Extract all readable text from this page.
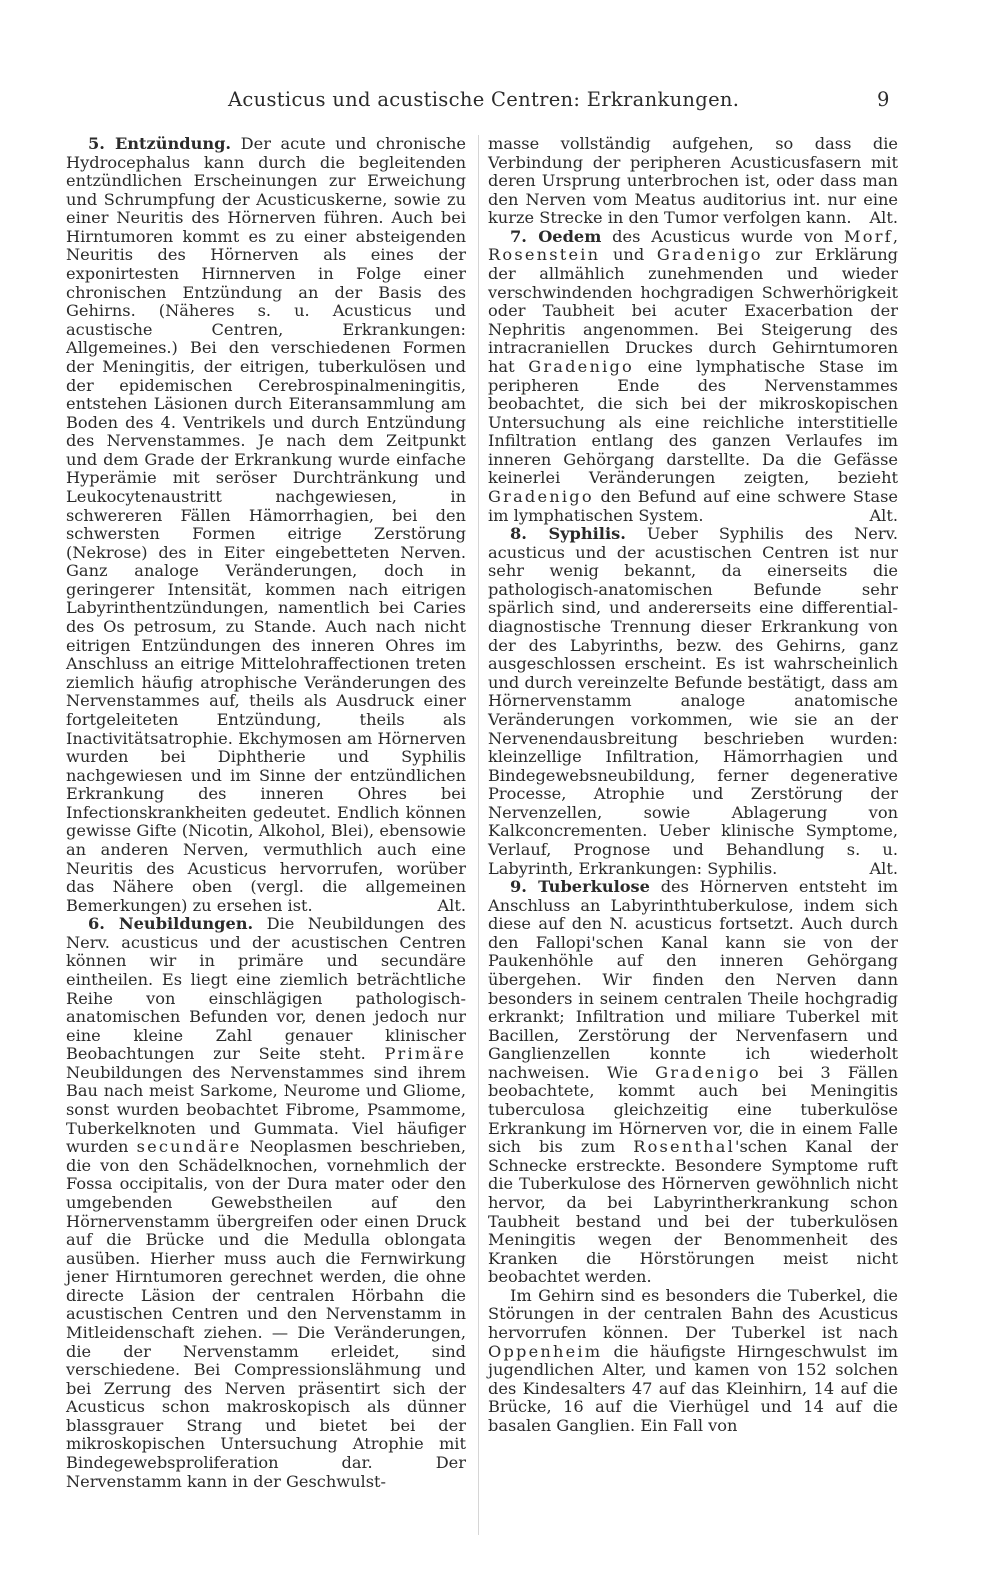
Acusticus und acustische Centren: Erkrankungen.	9

5. Entzündung. Der acute und chronische Hydrocephalus kann durch die begleitenden entzündlichen Erscheinungen zur Erweichung und Schrumpfung der Acusticuskerne, sowie zu einer Neuritis des Hörnerven führen. Auch bei Hirntumoren kommt es zu einer absteigenden Neuritis des Hörnerven als eines der exponirtesten Hirnnerven in Folge einer chronischen Entzündung an der Basis des Gehirns. (Näheres s. u. Acusticus und acustische Centren, Erkrankungen: Allgemeines.) Bei den verschiedenen Formen der Meningitis, der eitrigen, tuberkulösen und der epidemischen Cerebrospinalmeningitis, entstehen Läsionen durch Eiteransammlung am Boden des 4. Ventrikels und durch Entzündung des Nervenstammes. Je nach dem Zeitpunkt und dem Grade der Erkrankung wurde einfache Hyperämie mit seröser Durchtränkung und Leukocytenaustritt nachgewiesen, in schwereren Fällen Hämorrhagien, bei den schwersten Formen eitrige Zerstörung (Nekrose) des in Eiter eingebetteten Nerven. Ganz analoge Veränderungen, doch in geringerer Intensität, kommen nach eitrigen Labyrinthentzündungen, namentlich bei Caries des Os petrosum, zu Stande. Auch nach nicht eitrigen Entzündungen des inneren Ohres im Anschluss an eitrige Mittelohraffectionen treten ziemlich häufig atrophische Veränderungen des Nervenstammes auf, theils als Ausdruck einer fortgeleiteten Entzündung, theils als Inactivitätsatrophie. Ekchymosen am Hörnerven wurden bei Diphtherie und Syphilis nachgewiesen und im Sinne der entzündlichen Erkrankung des inneren Ohres bei Infectionskrankheiten gedeutet. Endlich können gewisse Gifte (Nicotin, Alkohol, Blei), ebensowie an anderen Nerven, vermuthlich auch eine Neuritis des Acusticus hervorrufen, worüber das Nähere oben (vergl. die allgemeinen Bemerkungen) zu ersehen ist.	Alt.

6. Neubildungen. Die Neubildungen des Nerv. acusticus und der acustischen Centren können wir in primäre und secundäre eintheilen. Es liegt eine ziemlich beträchtliche Reihe von einschlägigen pathologisch-anatomischen Befunden vor, denen jedoch nur eine kleine Zahl genauer klinischer Beobachtungen zur Seite steht. Primäre Neubildungen des Nervenstammes sind ihrem Bau nach meist Sarkome, Neurome und Gliome, sonst wurden beobachtet Fibrome, Psammome, Tuberkelknoten und Gummata. Viel häufiger wurden secundäre Neoplasmen beschrieben, die von den Schädelknochen, vornehmlich der Fossa occipitalis, von der Dura mater oder den umgebenden Gewebstheilen auf den Hörnervenstamm übergreifen oder einen Druck auf die Brücke und die Medulla oblongata ausüben. Hierher muss auch die Fernwirkung jener Hirntumoren gerechnet werden, die ohne directe Läsion der centralen Hörbahn die acustischen Centren und den Nervenstamm in Mitleidenschaft ziehen. — Die Veränderungen, die der Nervenstamm erleidet, sind verschiedene. Bei Compressionslähmung und bei Zerrung des Nerven präsentirt sich der Acusticus schon makroskopisch als dünner blassgrauer Strang und bietet bei der mikroskopischen Untersuchung Atrophie mit Bindegewebsproliferation dar. Der Nervenstamm kann in der Geschwulst-

masse vollständig aufgehen, so dass die Verbindung der peripheren Acusticusfasern mit deren Ursprung unterbrochen ist, oder dass man den Nerven vom Meatus auditorius int. nur eine kurze Strecke in den Tumor verfolgen kann. Alt.

7. Oedem des Acusticus wurde von Morf, Rosenstein und Gradenigo zur Erklärung der allmählich zunehmenden und wieder verschwindenden hochgradigen Schwerhörigkeit oder Taubheit bei acuter Exacerbation der Nephritis angenommen. Bei Steigerung des intracraniellen Druckes durch Gehirntumoren hat Gradenigo eine lymphatische Stase im peripheren Ende des Nervenstammes beobachtet, die sich bei der mikroskopischen Untersuchung als eine reichliche interstitielle Infiltration entlang des ganzen Verlaufes im inneren Gehörgang darstellte. Da die Gefässe keinerlei Veränderungen zeigten, bezieht Gradenigo den Befund auf eine schwere Stase im lymphatischen System.	Alt.

8. Syphilis. Ueber Syphilis des Nerv. acusticus und der acustischen Centren ist nur sehr wenig bekannt, da einerseits die pathologisch-anatomischen Befunde sehr spärlich sind, und andererseits eine differential-diagnostische Trennung dieser Erkrankung von der des Labyrinths, bezw. des Gehirns, ganz ausgeschlossen erscheint. Es ist wahrscheinlich und durch vereinzelte Befunde bestätigt, dass am Hörnervenstamm analoge anatomische Veränderungen vorkommen, wie sie an der Nervenendausbreitung beschrieben wurden: kleinzellige Infiltration, Hämorrhagien und Bindegewebsneubildung, ferner degenerative Processe, Atrophie und Zerstörung der Nervenzellen, sowie Ablagerung von Kalkconcrementen. Ueber klinische Symptome, Verlauf, Prognose und Behandlung s. u. Labyrinth, Erkrankungen: Syphilis.	Alt.

9. Tuberkulose des Hörnerven entsteht im Anschluss an Labyrinthtuberkulose, indem sich diese auf den N. acusticus fortsetzt. Auch durch den Fallopi'schen Kanal kann sie von der Paukenhöhle auf den inneren Gehörgang übergehen. Wir finden den Nerven dann besonders in seinem centralen Theile hochgradig erkrankt; Infiltration und miliare Tuberkel mit Bacillen, Zerstörung der Nervenfasern und Ganglienzellen konnte ich wiederholt nachweisen. Wie Gradenigo bei 3 Fällen beobachtete, kommt auch bei Meningitis tuberculosa gleichzeitig eine tuberkulöse Erkrankung im Hörnerven vor, die in einem Falle sich bis zum Rosenthal'schen Kanal der Schnecke erstreckte. Besondere Symptome ruft die Tuberkulose des Hörnerven gewöhnlich nicht hervor, da bei Labyrintherkrankung schon Taubheit bestand und bei der tuberkulösen Meningitis wegen der Benommenheit des Kranken die Hörstörungen meist nicht beobachtet werden.

Im Gehirn sind es besonders die Tuberkel, die Störungen in der centralen Bahn des Acusticus hervorrufen können. Der Tuberkel ist nach Oppenheim die häufigste Hirngeschwulst im jugendlichen Alter, und kamen von 152 solchen des Kindesalters 47 auf das Kleinhirn, 14 auf die Brücke, 16 auf die Vierhügel und 14 auf die basalen Ganglien. Ein Fall von
